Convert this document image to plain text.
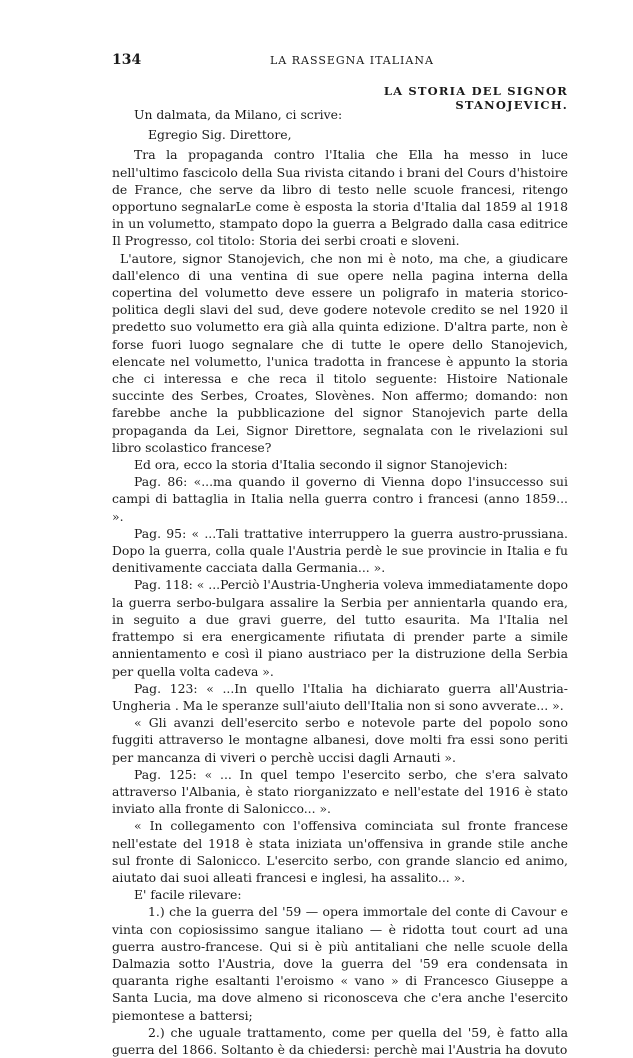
134	LA RASSEGNA ITALIANA
LA STORIA DEL SIGNOR STANOJEVICH.

Un dalmata, da Milano, ci scrive:

Egregio Sig. Direttore,

Tra la propaganda contro l'Italia che Ella ha messo in luce nell'ultimo fascicolo della Sua rivista citando i brani del Cours d'histoire de France, che serve da libro di testo nelle scuole francesi, ritengo opportuno segnalarLe come è esposta la storia d'Italia dal 1859 al 1918 in un volumetto, stampato dopo la guerra a Belgrado dalla casa editrice Il Progresso, col titolo: Storia dei serbi croati e sloveni.

L'autore, signor Stanojevich, che non mi è noto, ma che, a giudicare dall'elenco di una ventina di sue opere nella pagina interna della copertina del volumetto deve essere un poligrafo in materia storico-politica degli slavi del sud, deve godere notevole credito se nel 1920 il predetto suo volumetto era già alla quinta edizione. D'altra parte, non è forse fuori luogo segnalare che di tutte le opere dello Stanojevich, elencate nel volumetto, l'unica tradotta in francese è appunto la storia che ci interessa e che reca il titolo seguente: Histoire Nationale succinte des Serbes, Croates, Slovènes. Non affermo; domando: non farebbe anche la pubblicazione del signor Stanojevich parte della propaganda da Lei, Signor Direttore, segnalata con le rivelazioni sul libro scolastico francese?

Ed ora, ecco la storia d'Italia secondo il signor Stanojevich:

Pag. 86: «...ma quando il governo di Vienna dopo l'insuccesso sui campi di battaglia in Italia nella guerra contro i francesi (anno 1859... ».

Pag. 95: « ...Tali trattative interruppero la guerra austro-prussiana. Dopo la guerra, colla quale l'Austria perdè le sue provincie in Italia e fu denitivamente cacciata dalla Germania... ».

Pag. 118: « ...Perciò l'Austria-Ungheria voleva immediatamente dopo la guerra serbo-bulgara assalire la Serbia per annientarla quando era, in seguito a due gravi guerre, del tutto esaurita. Ma l'Italia nel frattempo si era energicamente rifiutata di prender parte a simile annientamento e così il piano austriaco per la distruzione della Serbia per quella volta cadeva ».

Pag. 123: « ...In quello l'Italia ha dichiarato guerra all'Austria-Ungheria . Ma le speranze sull'aiuto dell'Italia non si sono avverate... ».

« Gli avanzi dell'esercito serbo e notevole parte del popolo sono fuggiti attraverso le montagne albanesi, dove molti fra essi sono periti per mancanza di viveri o perchè uccisi dagli Arnauti ».

Pag. 125: « ... In quel tempo l'esercito serbo, che s'era salvato attraverso l'Albania, è stato riorganizzato e nell'estate del 1916 è stato inviato alla fronte di Salonicco... ».

« In collegamento con l'offensiva cominciata sul fronte francese nell'estate del 1918 è stata iniziata un'offensiva in grande stile anche sul fronte di Salonicco. L'esercito serbo, con grande slancio ed animo, aiutato dai suoi alleati francesi e inglesi, ha assalito... ».

E' facile rilevare:

1.) che la guerra del '59 — opera immortale del conte di Cavour e vinta con copiosissimo sangue italiano — è ridotta tout court ad una guerra austro-francese. Qui si è più antitaliani che nelle scuole della Dalmazia sotto l'Austria, dove la guerra del '59 era condensata in quaranta righe esaltanti l'eroismo « vano » di Francesco Giuseppe a Santa Lucia, ma dove almeno si riconosceva che c'era anche l'esercito piemontese a battersi;

2.) che uguale trattamento, come per quella del '59, è fatto alla guerra del 1866. Soltanto è da chiedersi: perchè mai l'Austria ha dovuto
